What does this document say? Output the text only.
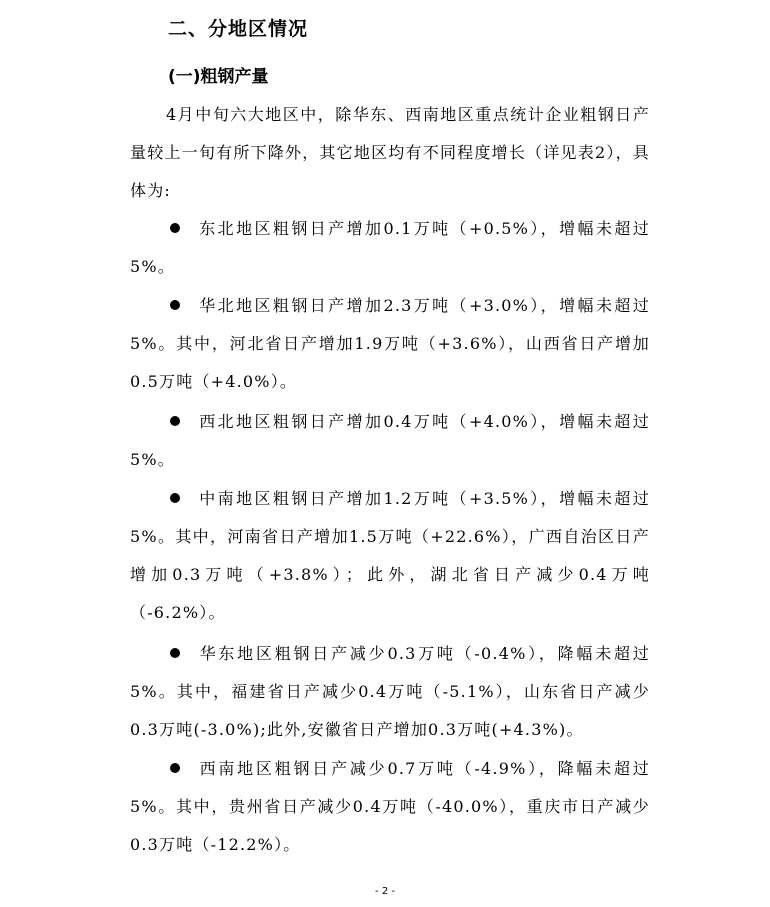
二、分地区情况
(一)粗钢产量

4月中旬六大地区中，除华东、西南地区重点统计企业粗钢日产量较上一旬有所下降外，其它地区均有不同程度增长（详见表2），具体为:

东北地区粗钢日产增加0.1万吨（+0.5%），增幅未超过5%。

华北地区粗钢日产增加2.3万吨（+3.0%），增幅未超过5%。其中，河北省日产增加1.9万吨（+3.6%），山西省日产增加0.5万吨（+4.0%）。

西北地区粗钢日产增加0.4万吨（+4.0%），增幅未超过5%。

中南地区粗钢日产增加1.2万吨（+3.5%），增幅未超过5%。其中，河南省日产增加1.5万吨（+22.6%），广西自治区日产增加0.3万吨（+3.8%）；此外，湖北省日产减少0.4万吨（-6.2%）。

华东地区粗钢日产减少0.3万吨（-0.4%），降幅未超过5%。其中，福建省日产减少0.4万吨（-5.1%），山东省日产减少0.3万吨(-3.0%);此外,安徽省日产增加0.3万吨(+4.3%)。

西南地区粗钢日产减少0.7万吨（-4.9%），降幅未超过5%。其中，贵州省日产减少0.4万吨（-40.0%），重庆市日产减少0.3万吨（-12.2%）。

- 2 -
